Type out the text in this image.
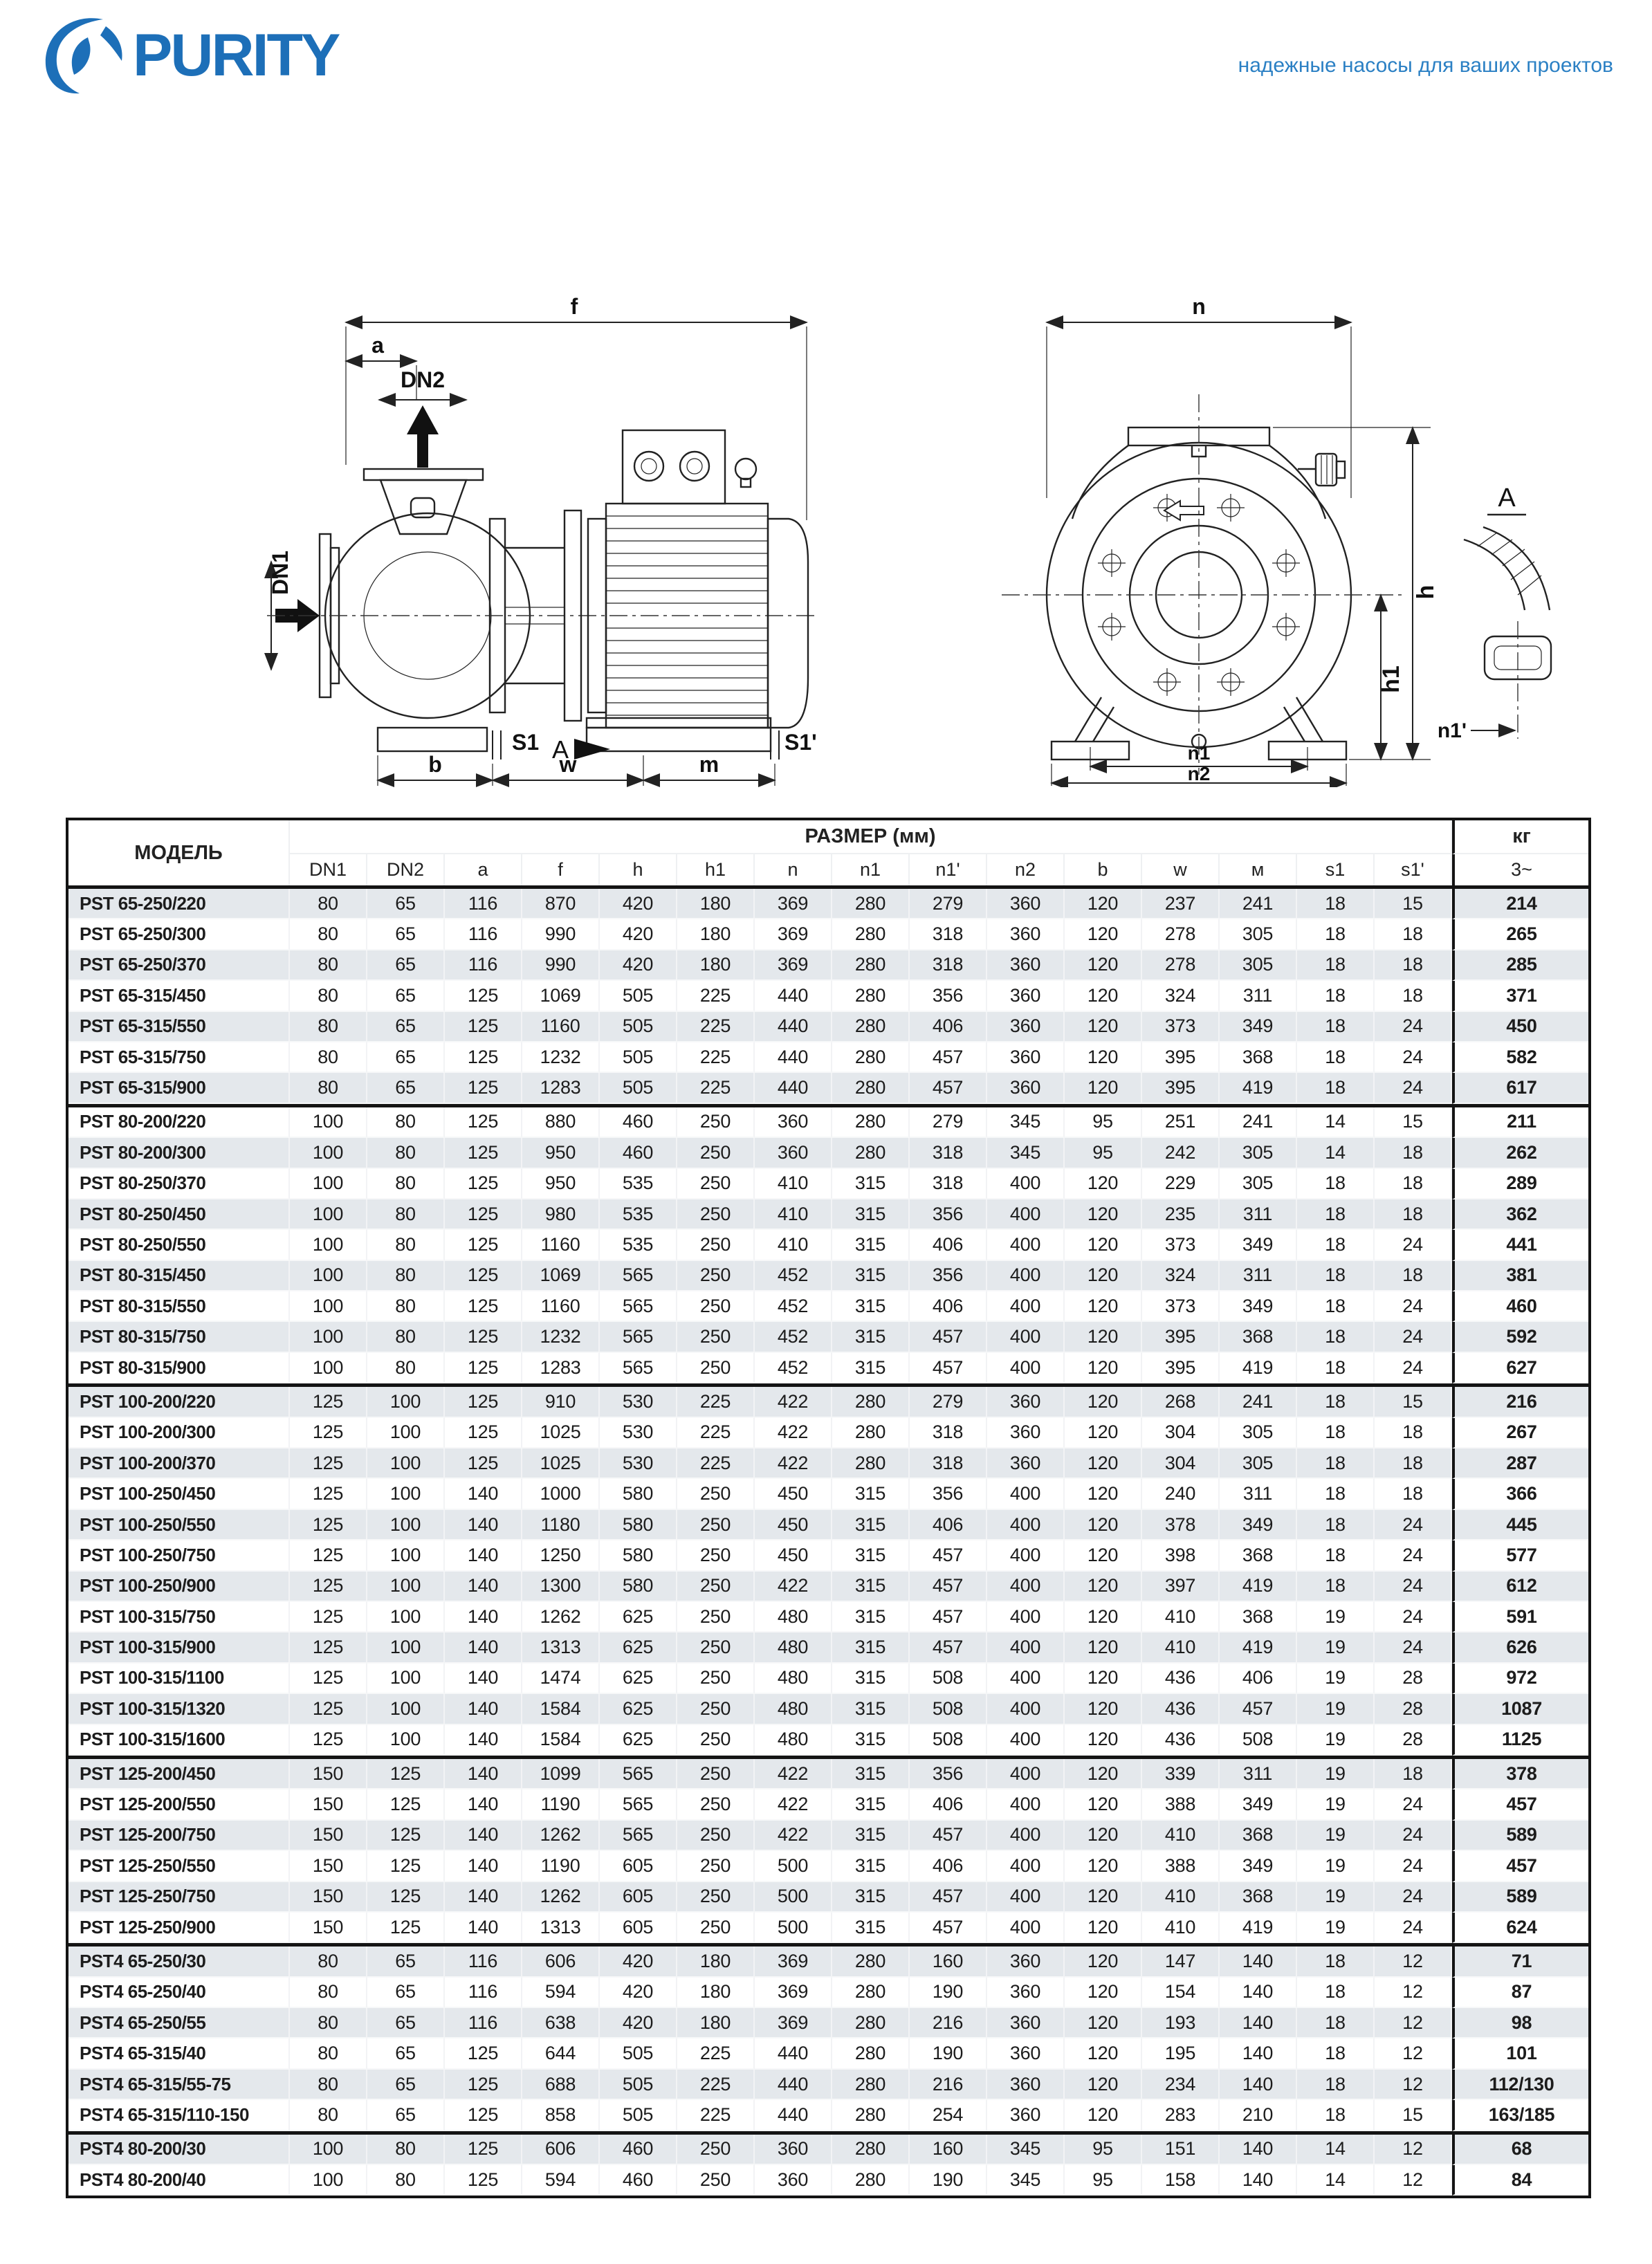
PURITY	надежные насосы для ваших проектов
f
a
DN2
DN1
S1 A	S1'
b	w	m
n
h
h1
n1
n2
A
n1'
МОДЕЛЬ
РАЗМЕР (мм)	кг
DN1	DN2	a	f	h	h1	n	n1	n1'	n2	b	w	м	s1	s1'	3~
PST 65-250/220	80	65	116	870	420	180	369	280	279	360	120	237	241	18	15	214
PST 65-250/300	80	65	116	990	420	180	369	280	318	360	120	278	305	18	18	265
PST 65-250/370	80	65	116	990	420	180	369	280	318	360	120	278	305	18	18	285
PST 65-315/450	80	65	125	1069	505	225	440	280	356	360	120	324	311	18	18	371
PST 65-315/550	80	65	125	1160	505	225	440	280	406	360	120	373	349	18	24	450
PST 65-315/750	80	65	125	1232	505	225	440	280	457	360	120	395	368	18	24	582
PST 65-315/900	80	65	125	1283	505	225	440	280	457	360	120	395	419	18	24	617
PST 80-200/220	100	80	125	880	460	250	360	280	279	345	95	251	241	14	15	211
PST 80-200/300	100	80	125	950	460	250	360	280	318	345	95	242	305	14	18	262
PST 80-250/370	100	80	125	950	535	250	410	315	318	400	120	229	305	18	18	289
PST 80-250/450	100	80	125	980	535	250	410	315	356	400	120	235	311	18	18	362
PST 80-250/550	100	80	125	1160	535	250	410	315	406	400	120	373	349	18	24	441
PST 80-315/450	100	80	125	1069	565	250	452	315	356	400	120	324	311	18	18	381
PST 80-315/550	100	80	125	1160	565	250	452	315	406	400	120	373	349	18	24	460
PST 80-315/750	100	80	125	1232	565	250	452	315	457	400	120	395	368	18	24	592
PST 80-315/900	100	80	125	1283	565	250	452	315	457	400	120	395	419	18	24	627
PST 100-200/220	125	100	125	910	530	225	422	280	279	360	120	268	241	18	15	216
PST 100-200/300	125	100	125	1025	530	225	422	280	318	360	120	304	305	18	18	267
PST 100-200/370	125	100	125	1025	530	225	422	280	318	360	120	304	305	18	18	287
PST 100-250/450	125	100	140	1000	580	250	450	315	356	400	120	240	311	18	18	366
PST 100-250/550	125	100	140	1180	580	250	450	315	406	400	120	378	349	18	24	445
PST 100-250/750	125	100	140	1250	580	250	450	315	457	400	120	398	368	18	24	577
PST 100-250/900	125	100	140	1300	580	250	422	315	457	400	120	397	419	18	24	612
PST 100-315/750	125	100	140	1262	625	250	480	315	457	400	120	410	368	19	24	591
PST 100-315/900	125	100	140	1313	625	250	480	315	457	400	120	410	419	19	24	626
PST 100-315/1100	125	100	140	1474	625	250	480	315	508	400	120	436	406	19	28	972
PST 100-315/1320	125	100	140	1584	625	250	480	315	508	400	120	436	457	19	28	1087
PST 100-315/1600	125	100	140	1584	625	250	480	315	508	400	120	436	508	19	28	1125
PST 125-200/450	150	125	140	1099	565	250	422	315	356	400	120	339	311	19	18	378
PST 125-200/550	150	125	140	1190	565	250	422	315	406	400	120	388	349	19	24	457
PST 125-200/750	150	125	140	1262	565	250	422	315	457	400	120	410	368	19	24	589
PST 125-250/550	150	125	140	1190	605	250	500	315	406	400	120	388	349	19	24	457
PST 125-250/750	150	125	140	1262	605	250	500	315	457	400	120	410	368	19	24	589
PST 125-250/900	150	125	140	1313	605	250	500	315	457	400	120	410	419	19	24	624
PST4 65-250/30	80	65	116	606	420	180	369	280	160	360	120	147	140	18	12	71
PST4 65-250/40	80	65	116	594	420	180	369	280	190	360	120	154	140	18	12	87
PST4 65-250/55	80	65	116	638	420	180	369	280	216	360	120	193	140	18	12	98
PST4 65-315/40	80	65	125	644	505	225	440	280	190	360	120	195	140	18	12	101
PST4 65-315/55-75	80	65	125	688	505	225	440	280	216	360	120	234	140	18	12	112/130
PST4 65-315/110-150	80	65	125	858	505	225	440	280	254	360	120	283	210	18	15	163/185
PST4 80-200/30	100	80	125	606	460	250	360	280	160	345	95	151	140	14	12	68
PST4 80-200/40	100	80	125	594	460	250	360	280	190	345	95	158	140	14	12	84
